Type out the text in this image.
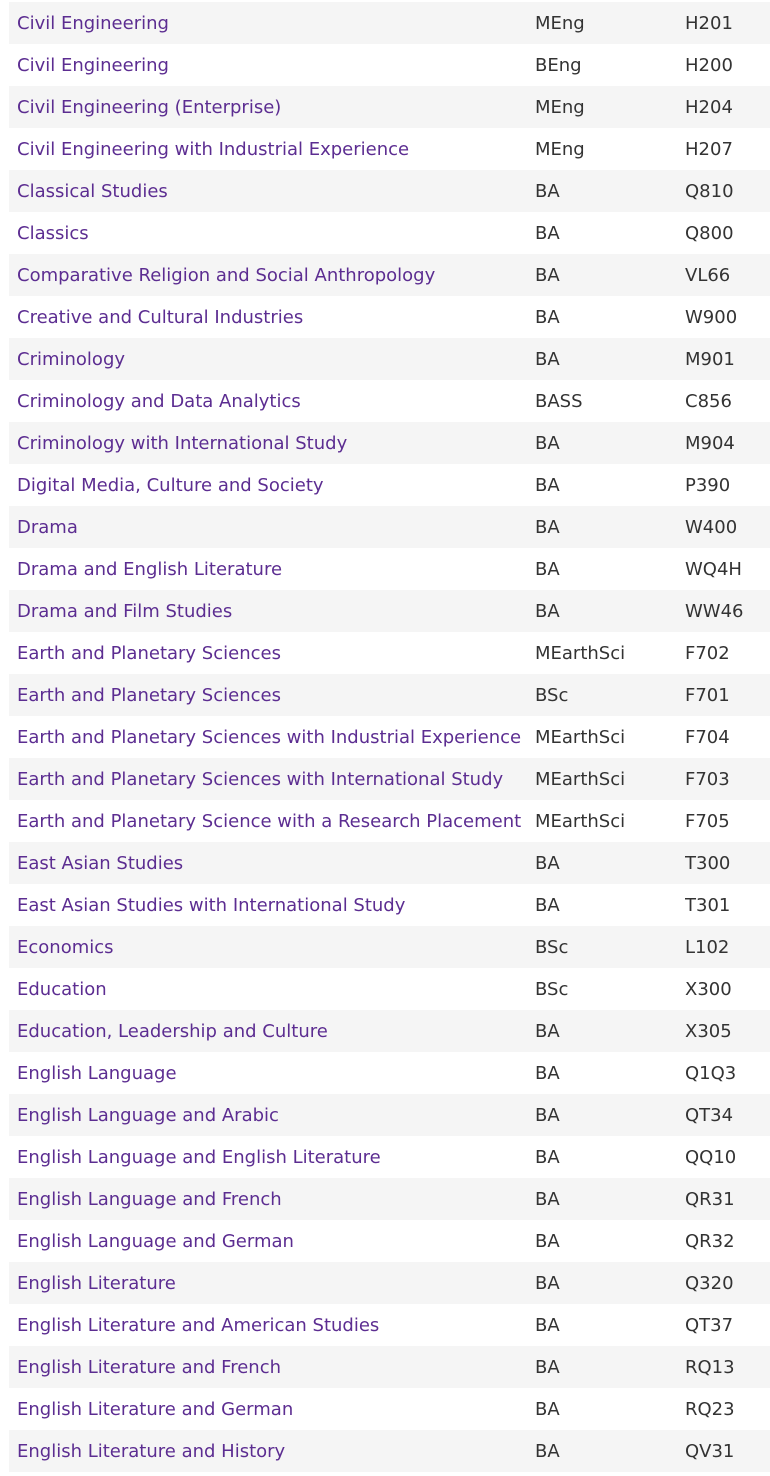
Civil Engineering	MEng	H201
Civil Engineering	BEng	H200
Civil Engineering (Enterprise)	MEng	H204
Civil Engineering with Industrial Experience	MEng	H207
Classical Studies	BA	Q810
Classics	BA	Q800
Comparative Religion and Social Anthropology	BA	VL66
Creative and Cultural Industries	BA	W900
Criminology	BA	M901
Criminology and Data Analytics	BASS	C856
Criminology with International Study	BA	M904
Digital Media, Culture and Society	BA	P390
Drama	BA	W400
Drama and English Literature	BA	WQ4H
Drama and Film Studies	BA	WW46
Earth and Planetary Sciences	MEarthSci	F702
Earth and Planetary Sciences	BSc	F701
Earth and Planetary Sciences with Industrial Experience	MEarthSci	F704
Earth and Planetary Sciences with International Study	MEarthSci	F703
Earth and Planetary Science with a Research Placement	MEarthSci	F705
East Asian Studies	BA	T300
East Asian Studies with International Study	BA	T301
Economics	BSc	L102
Education	BSc	X300
Education, Leadership and Culture	BA	X305
English Language	BA	Q1Q3
English Language and Arabic	BA	QT34
English Language and English Literature	BA	QQ10
English Language and French	BA	QR31
English Language and German	BA	QR32
English Literature	BA	Q320
English Literature and American Studies	BA	QT37
English Literature and French	BA	RQ13
English Literature and German	BA	RQ23
English Literature and History	BA	QV31
